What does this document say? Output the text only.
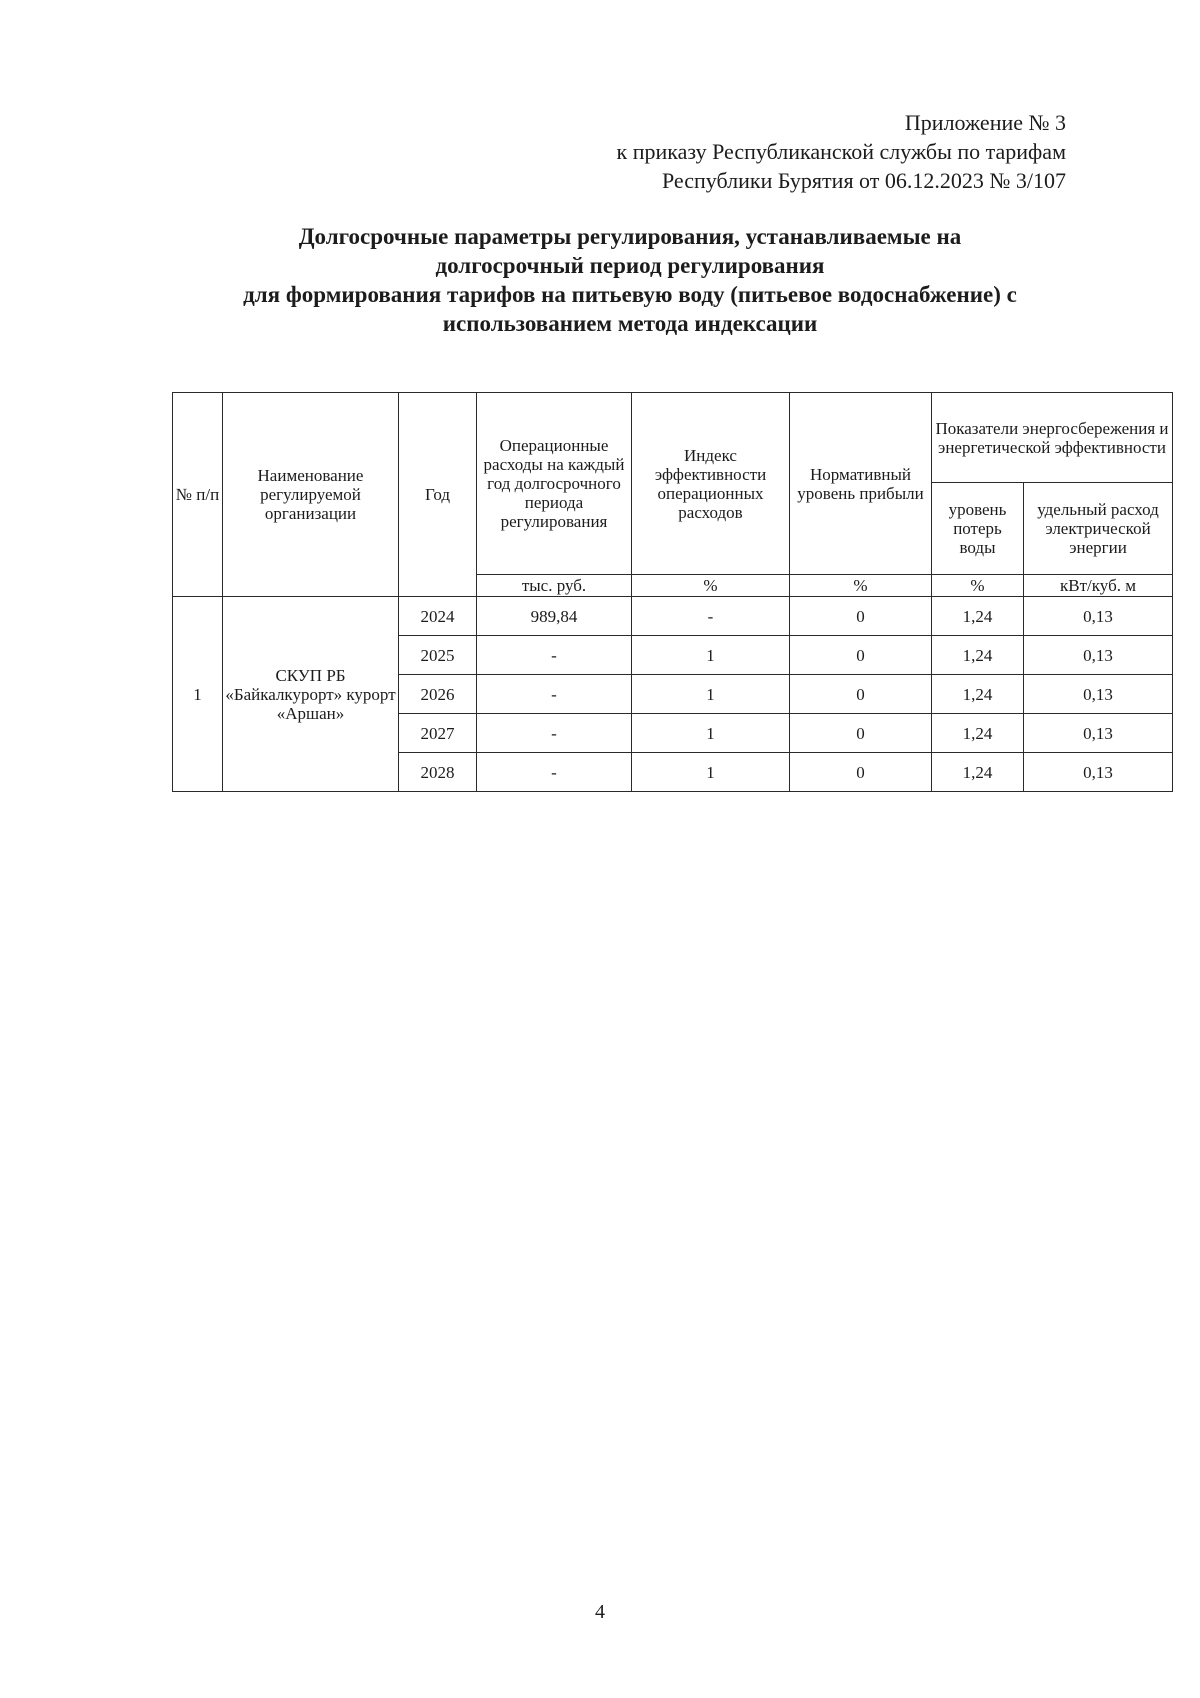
Приложение № 3
к приказу Республиканской службы по тарифам
Республики Бурятия от 06.12.2023 № 3/107
Долгосрочные параметры регулирования, устанавливаемые на
долгосрочный период регулирования
для формирования тарифов на питьевую воду (питьевое водоснабжение) с
использованием метода индексации
№ п/п	Наименование регулируемой организации	Год	Операционные расходы на каждый год долгосрочного периода регулирования	Индекс эффективности операционных расходов	Нормативный уровень прибыли	Показатели энергосбережения и энергетической эффективности	
						уровень потерь воды	удельный расход электрической энергии
			тыс. руб.	%	%	%	кВт/куб. м
1	СКУП РБ «Байкалкурорт» курорт «Аршан»	2024	989,84	-	0	1,24	0,13
		2025	-	1	0	1,24	0,13
		2026	-	1	0	1,24	0,13
		2027	-	1	0	1,24	0,13
		2028	-	1	0	1,24	0,13
4
